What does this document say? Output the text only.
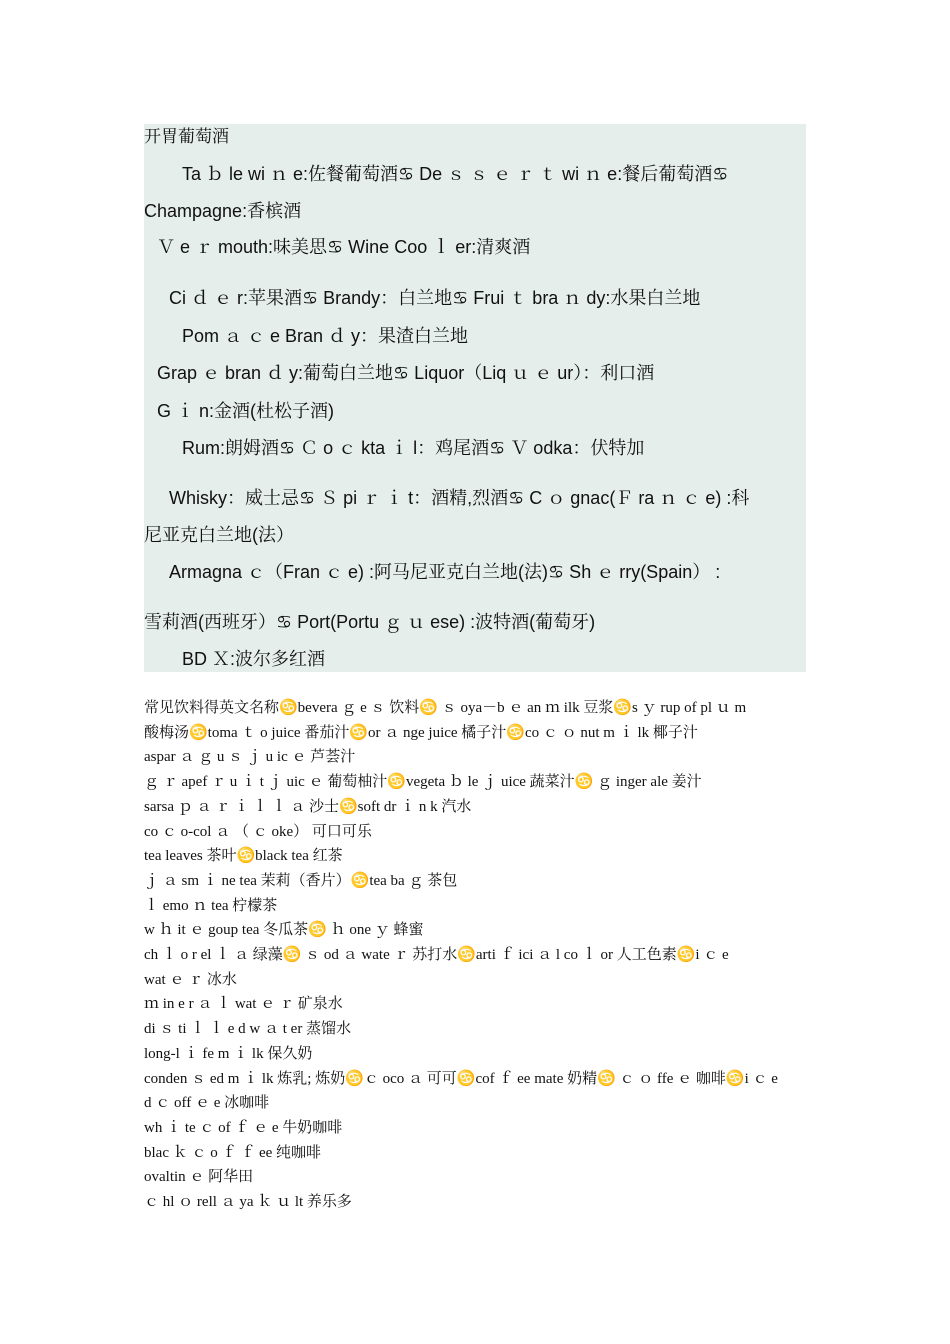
开胃葡萄酒
Ta ｂ le wi ｎ e:佐餐葡萄酒♋ De ｓ ｓ ｅ ｒ ｔ wi ｎ e:餐后葡萄酒♋
Champagne:香槟酒
Ｖ e ｒ mouth:味美思♋ Wine Coo ｌ er:清爽酒
Ci ｄ ｅ r:苹果酒♋ Brandy：白兰地♋ Frui ｔ bra ｎ dy:水果白兰地
Pom ａ ｃ e Bran ｄ y：果渣白兰地
Grap ｅ bran ｄ y:葡萄白兰地♋ Liquor（Liq ｕ ｅ ur）：利口酒
G ｉ n:金酒(杜松子酒)
Rum:朗姆酒♋ Ｃ o ｃ kta ｉ l：鸡尾酒♋ Ｖ odka：伏特加
Whisky：威士忌♋ Ｓ pi ｒ ｉ t：酒精,烈酒♋ C ｏ gnac(Ｆ ra ｎ ｃ e) :科
尼亚克白兰地(法）
Armagna ｃ（Fran ｃ e) :阿马尼亚克白兰地(法)♋ Sh ｅ rry(Spain） :
雪莉酒(西班牙）♋ Port(Portu ｇ ｕ ese) :波特酒(葡萄牙)
BD Ｘ:波尔多红酒
常见饮料得英文名称♋bevera ｇ e ｓ 饮料♋ ｓ oya－b ｅ an ｍ ilk 豆浆♋s ｙ rup of pl ｕ m
酸梅汤♋toma ｔ o juice 番茄汁♋or ａ nge juice 橘子汁♋co ｃ ｏ nut m ｉ lk 椰子汁
aspar ａ ｇ u ｓ ｊ u ic ｅ 芦荟汁
ｇ ｒ apef ｒ u ｉ t ｊ uic ｅ 葡萄柚汁♋vegeta ｂ le ｊ uice 蔬菜汁♋ ｇ inger ale 姜汁
sarsa ｐ ａ ｒ ｉ ｌ ｌ ａ 沙士♋soft dr ｉ n k 汽水
co ｃ o-col ａ （ ｃ oke） 可口可乐
tea leaves 茶叶♋black tea 红茶
ｊ ａ sm ｉ ne tea 茉莉（香片）♋tea ba ｇ 茶包
ｌ emo ｎ tea 柠檬茶
w ｈ it ｅ goup tea 冬瓜茶♋ ｈ one ｙ 蜂蜜
ch ｌ o r el ｌ ａ 绿藻♋ ｓ od ａ wate ｒ 苏打水♋arti ｆ ici ａ l co ｌ or 人工色素♋i ｃ e
wat ｅ ｒ 冰水
ｍ in e r ａ ｌ wat ｅ ｒ 矿泉水
di ｓ ti ｌ ｌ e d w ａ t er 蒸馏水
long-l ｉ fe m ｉ lk 保久奶
conden ｓ ed m ｉ lk 炼乳; 炼奶♋ｃ oco ａ 可可♋cof ｆ ee mate 奶精♋ ｃ ｏ ffe ｅ 咖啡♋i ｃ e
d ｃ off ｅ e 冰咖啡
wh ｉ te ｃ of ｆ ｅ e 牛奶咖啡
blac ｋ ｃ o ｆ ｆ ee 纯咖啡
ovaltin ｅ 阿华田
ｃ hl ｏ rell ａ ya ｋ ｕ lt 养乐多
